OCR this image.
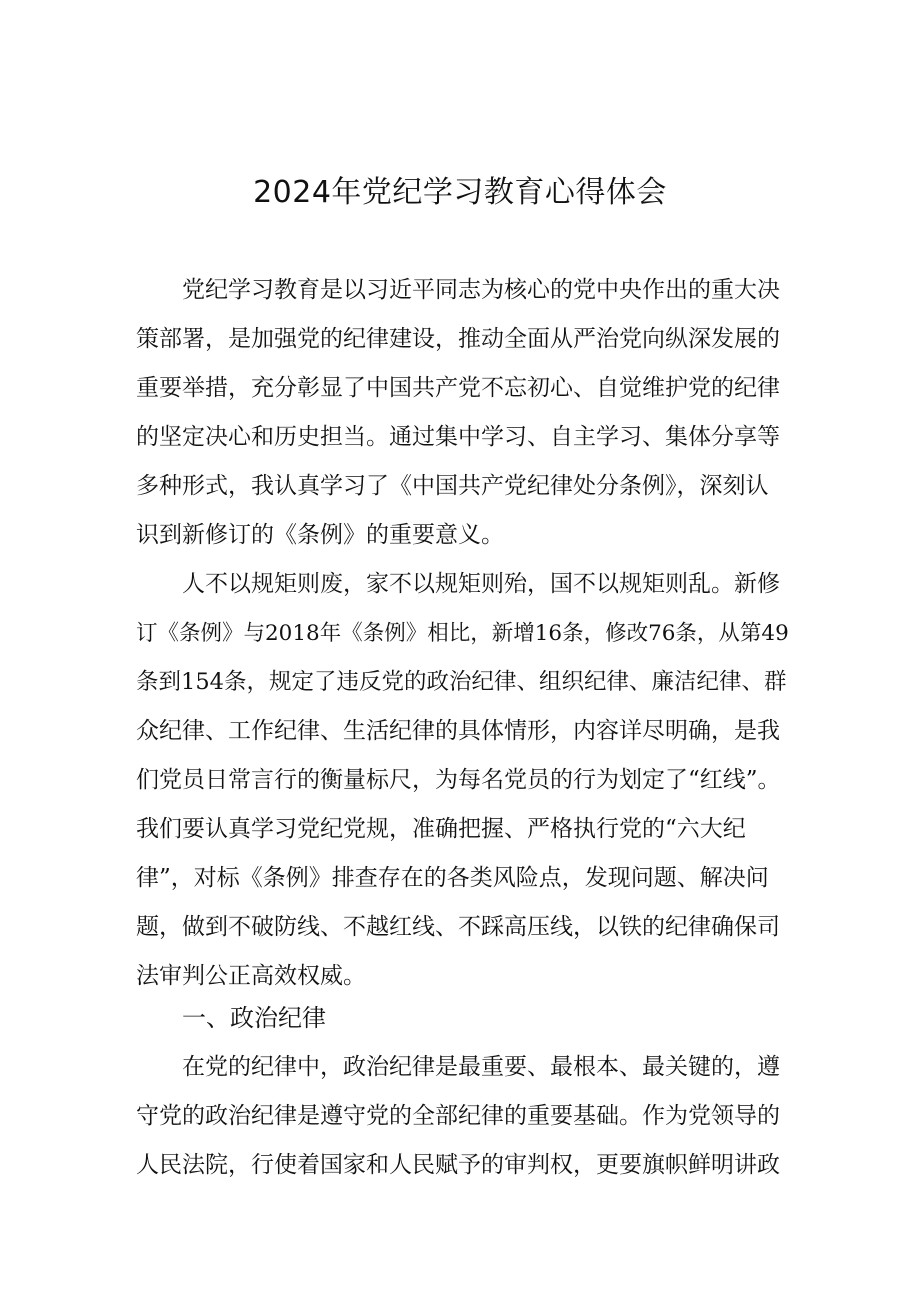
2024年党纪学习教育心得体会
党纪学习教育是以习近平同志为核心的党中央作出的重大决
策部署，是加强党的纪律建设，推动全面从严治党向纵深发展的
重要举措，充分彰显了中国共产党不忘初心、自觉维护党的纪律
的坚定决心和历史担当。通过集中学习、自主学习、集体分享等
多种形式，我认真学习了《中国共产党纪律处分条例》，深刻认
识到新修订的《条例》的重要意义。
人不以规矩则废，家不以规矩则殆，国不以规矩则乱。新修
订《条例》与2018年《条例》相比，新增16条，修改76条，从第49
条到154条，规定了违反党的政治纪律、组织纪律、廉洁纪律、群
众纪律、工作纪律、生活纪律的具体情形，内容详尽明确，是我
们党员日常言行的衡量标尺，为每名党员的行为划定了“红线”。
我们要认真学习党纪党规，准确把握、严格执行党的“六大纪
律”，对标《条例》排查存在的各类风险点，发现问题、解决问
题，做到不破防线、不越红线、不踩高压线，以铁的纪律确保司
法审判公正高效权威。
一、政治纪律
在党的纪律中，政治纪律是最重要、最根本、最关键的，遵
守党的政治纪律是遵守党的全部纪律的重要基础。作为党领导的
人民法院，行使着国家和人民赋予的审判权，更要旗帜鲜明讲政
